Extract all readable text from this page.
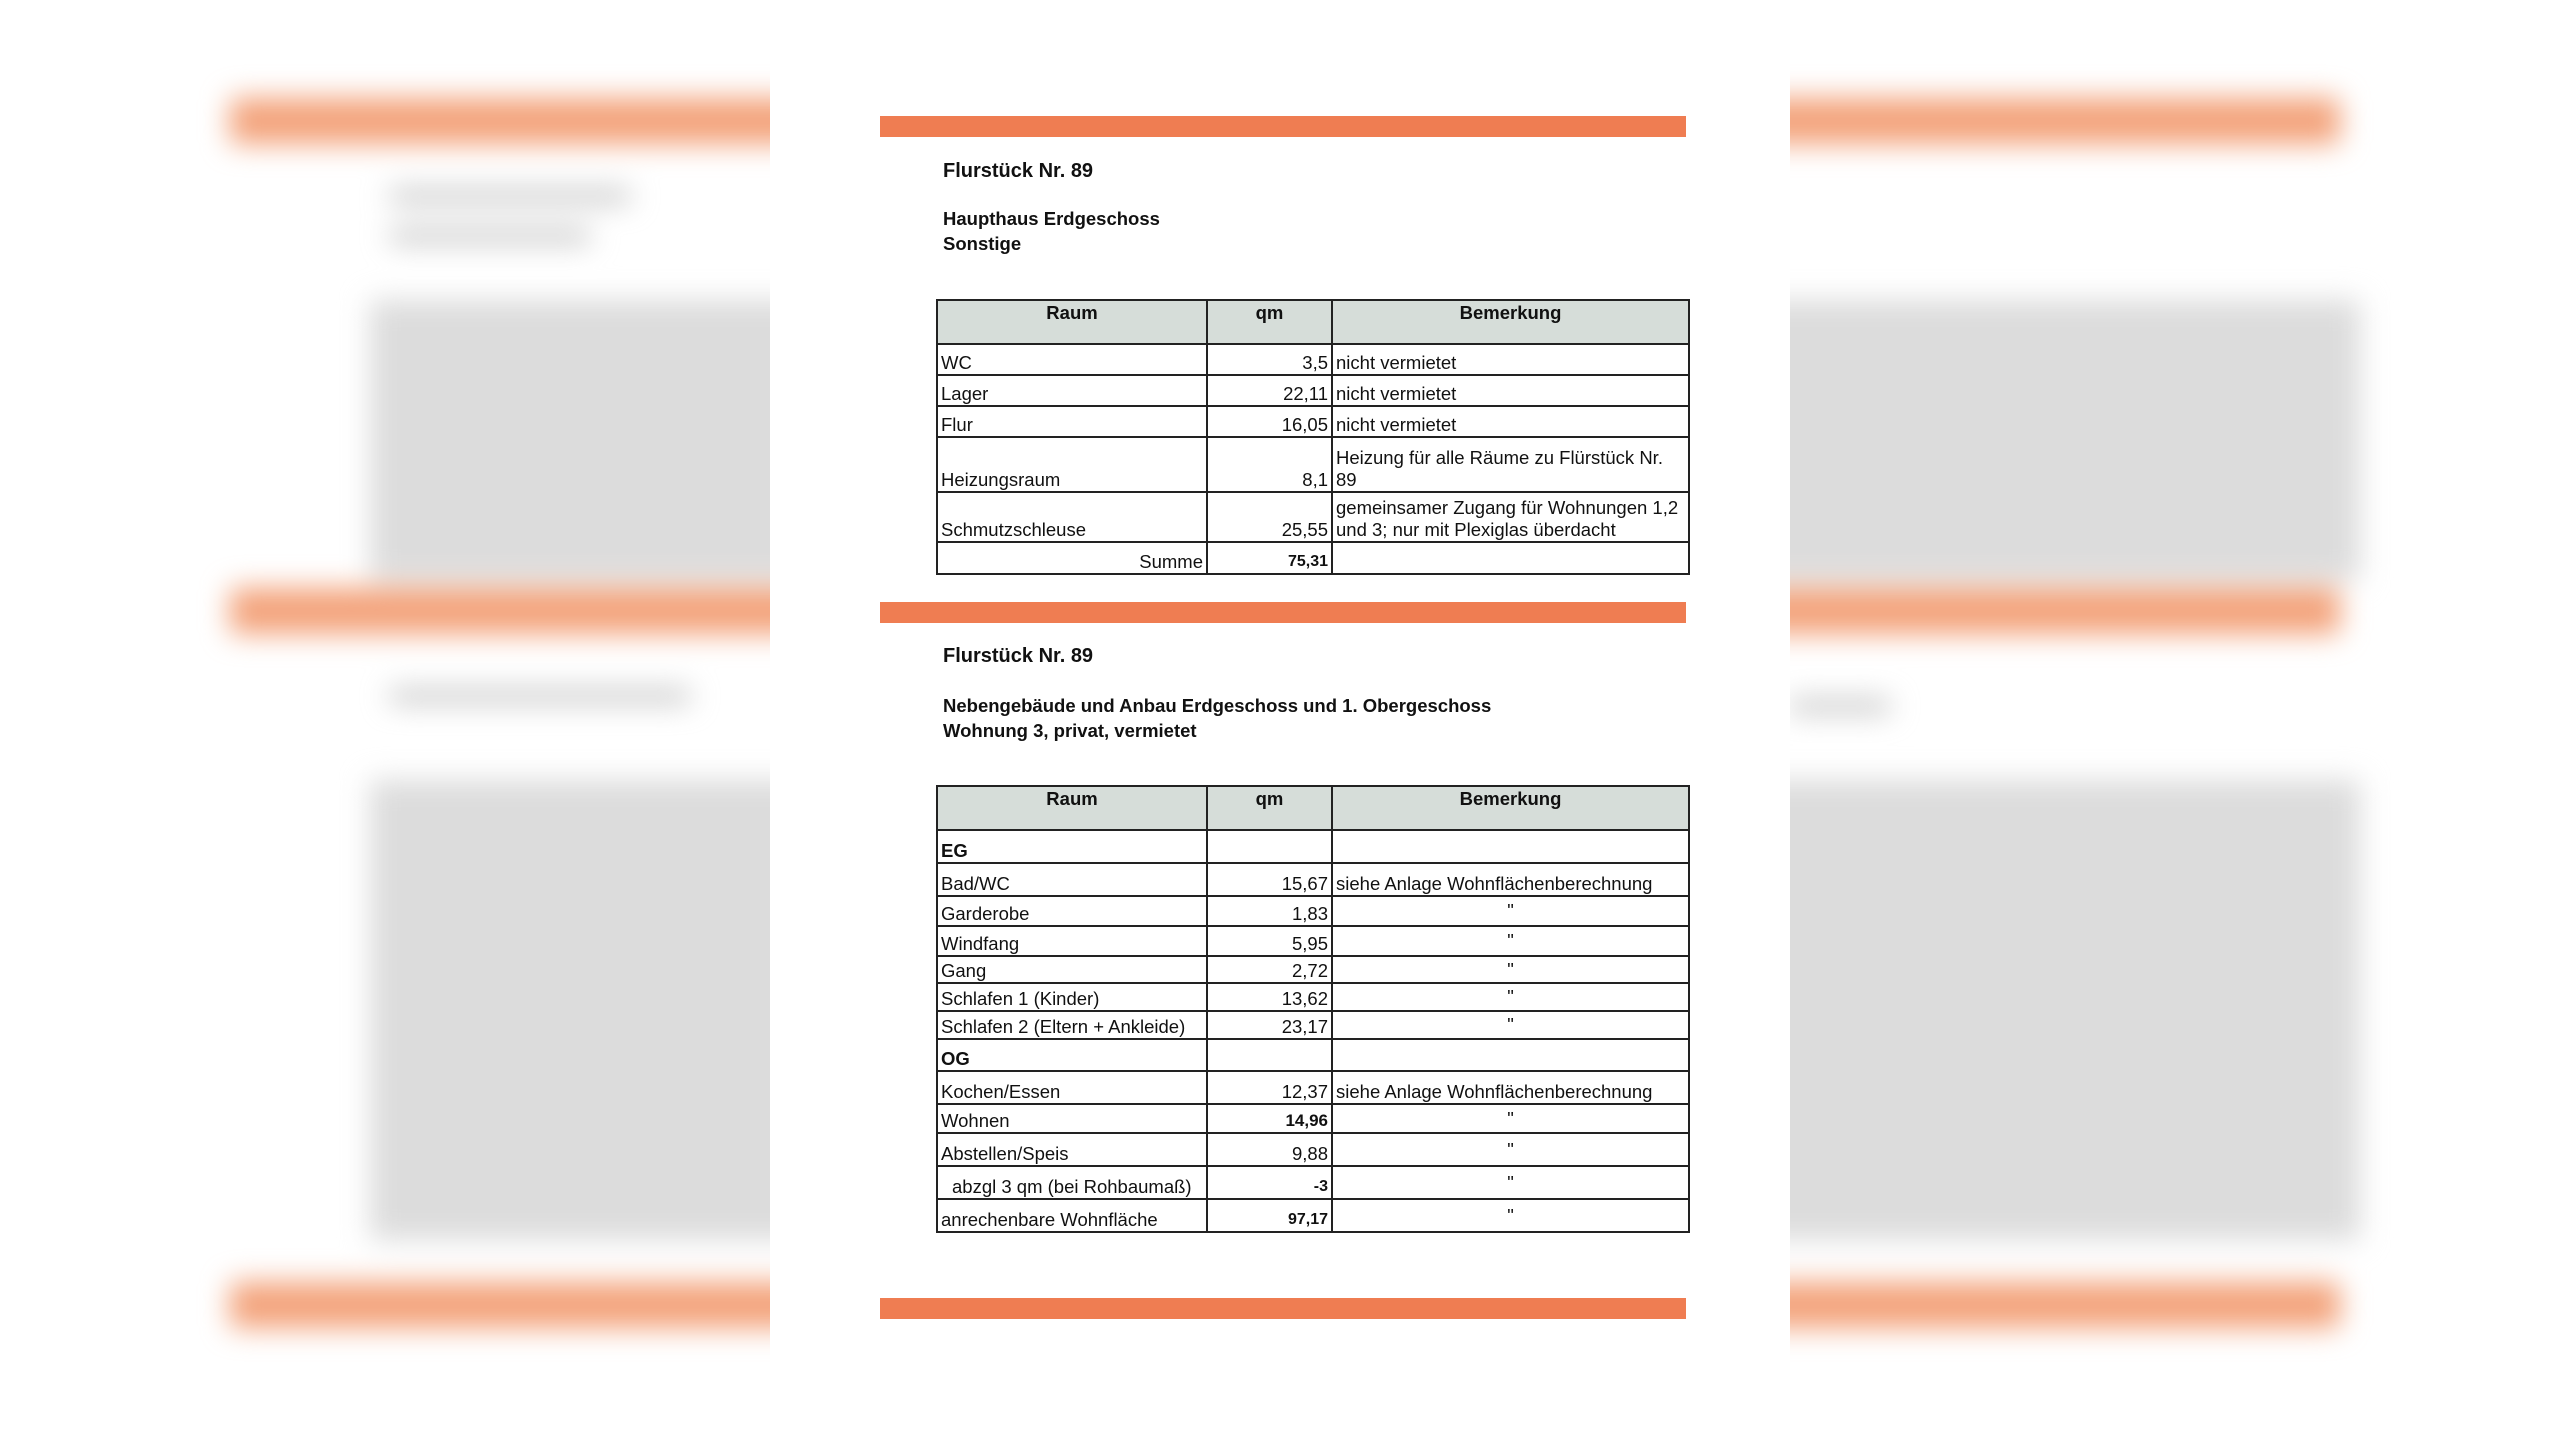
Flurstück Nr. 89
Haupthaus Erdgeschoss
Sonstige
Raum	qm	Bemerkung
WC	3,5	nicht vermietet
Lager	22,11	nicht vermietet
Flur	16,05	nicht vermietet
Heizungsraum	8,1	Heizung für alle Räume zu Flürstück Nr. 89
Schmutzschleuse	25,55	gemeinsamer Zugang für Wohnungen 1,2 und 3; nur mit Plexiglas überdacht
Summe	75,31	
Flurstück Nr. 89
Nebengebäude und Anbau Erdgeschoss und 1. Obergeschoss
Wohnung 3, privat, vermietet
Raum	qm	Bemerkung
EG		
Bad/WC	15,67	siehe Anlage Wohnflächenberechnung
Garderobe	1,83	"
Windfang	5,95	"
Gang	2,72	"
Schlafen 1 (Kinder)	13,62	"
Schlafen 2 (Eltern + Ankleide)	23,17	"
OG		
Kochen/Essen	12,37	siehe Anlage Wohnflächenberechnung
Wohnen	14,96	"
Abstellen/Speis	9,88	"
abzgl 3 qm (bei Rohbaumaß)	-3	"
anrechenbare Wohnfläche	97,17	"
